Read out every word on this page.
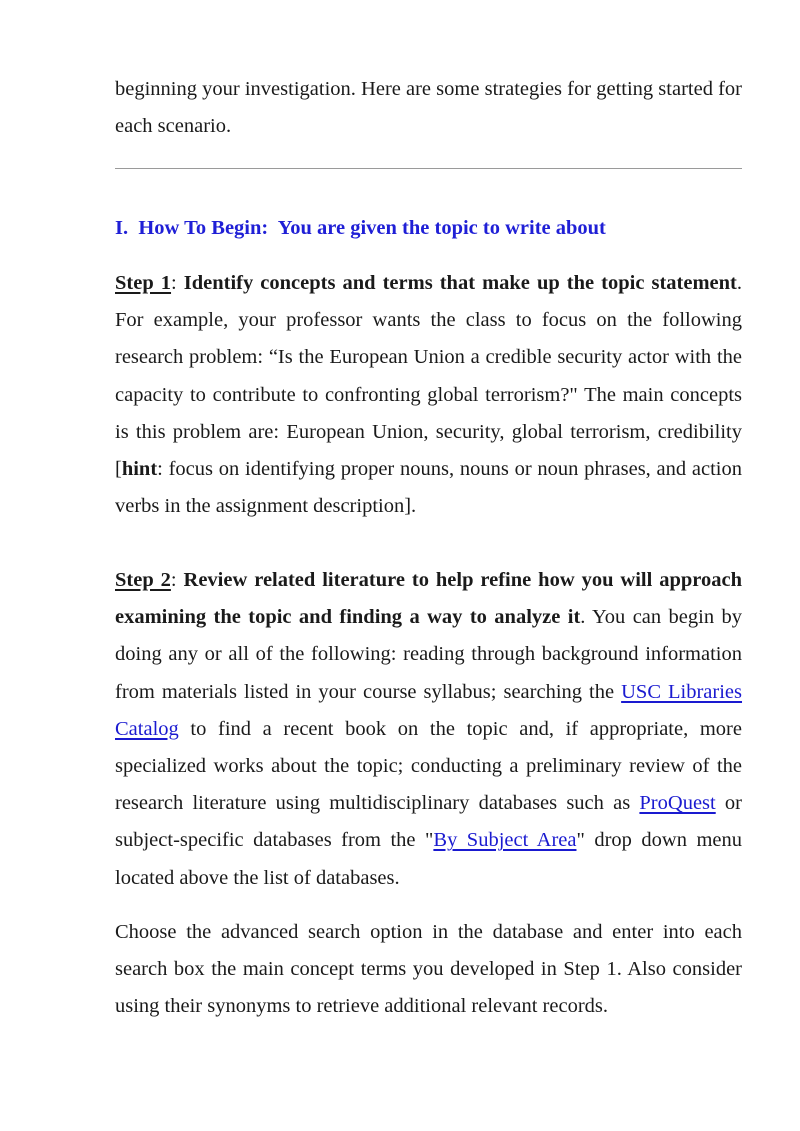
beginning your investigation. Here are some strategies for getting started for each scenario.

I.  How To Begin:  You are given the topic to write about

Step 1: Identify concepts and terms that make up the topic statement. For example, your professor wants the class to focus on the following research problem: “Is the European Union a credible security actor with the capacity to contribute to confronting global terrorism?" The main concepts is this problem are: European Union, security, global terrorism, credibility [hint: focus on identifying proper nouns, nouns or noun phrases, and action verbs in the assignment description].

Step 2: Review related literature to help refine how you will approach examining the topic and finding a way to analyze it. You can begin by doing any or all of the following: reading through background information from materials listed in your course syllabus; searching the USC Libraries Catalog to find a recent book on the topic and, if appropriate, more specialized works about the topic; conducting a preliminary review of the research literature using multidisciplinary databases such as ProQuest or subject-specific databases from the "By Subject Area" drop down menu located above the list of databases.

Choose the advanced search option in the database and enter into each search box the main concept terms you developed in Step 1. Also consider using their synonyms to retrieve additional relevant records.
